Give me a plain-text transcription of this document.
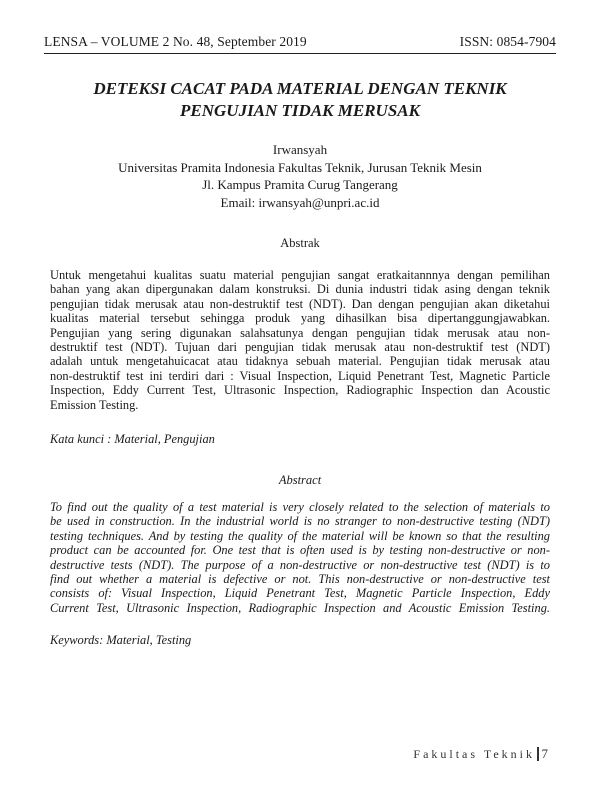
LENSA – VOLUME 2 No. 48, September 2019	ISSN: 0854-7904
DETEKSI CACAT PADA MATERIAL DENGAN TEKNIK
PENGUJIAN TIDAK MERUSAK
Irwansyah
Universitas Pramita Indonesia Fakultas Teknik, Jurusan Teknik Mesin
Jl. Kampus Pramita Curug Tangerang
Email: irwansyah@unpri.ac.id
Abstrak
Untuk mengetahui kualitas suatu material pengujian sangat eratkaitannnya dengan pemilihan
bahan yang akan dipergunakan dalam konstruksi. Di dunia industri tidak asing dengan teknik
pengujian tidak merusak atau non-destruktif test (NDT). Dan dengan pengujian akan diketahui
kualitas material tersebut sehingga produk yang dihasilkan bisa dipertanggungjawabkan.
Pengujian yang sering digunakan salahsatunya dengan pengujian tidak merusak atau non-
destruktif test (NDT). Tujuan dari pengujian tidak merusak atau non-destruktif test (NDT)
adalah untuk mengetahuicacat atau tidaknya sebuah material. Pengujian tidak merusak atau
non-destruktif test ini terdiri dari : Visual Inspection, Liquid Penetrant Test, Magnetic Particle
Inspection, Eddy Current Test, Ultrasonic Inspection, Radiographic Inspection dan Acoustic
Emission Testing.
Kata kunci : Material, Pengujian
Abstract
To find out the quality of a test material is very closely related to the selection of materials to
be used in construction. In the industrial world is no stranger to non-destructive testing (NDT)
testing techniques. And by testing the quality of the material will be known so that the resulting
product can be accounted for. One test that is often used is by testing non-destructive or non-
destructive tests (NDT). The purpose of a non-destructive or non-destructive test (NDT) is to
find out whether a material is defective or not. This non-destructive or non-destructive test
consists of: Visual Inspection, Liquid Penetrant Test, Magnetic Particle Inspection, Eddy
Current Test, Ultrasonic Inspection, Radiographic Inspection and Acoustic Emission Testing.
Keywords: Material, Testing
Fakultas Teknik 7
